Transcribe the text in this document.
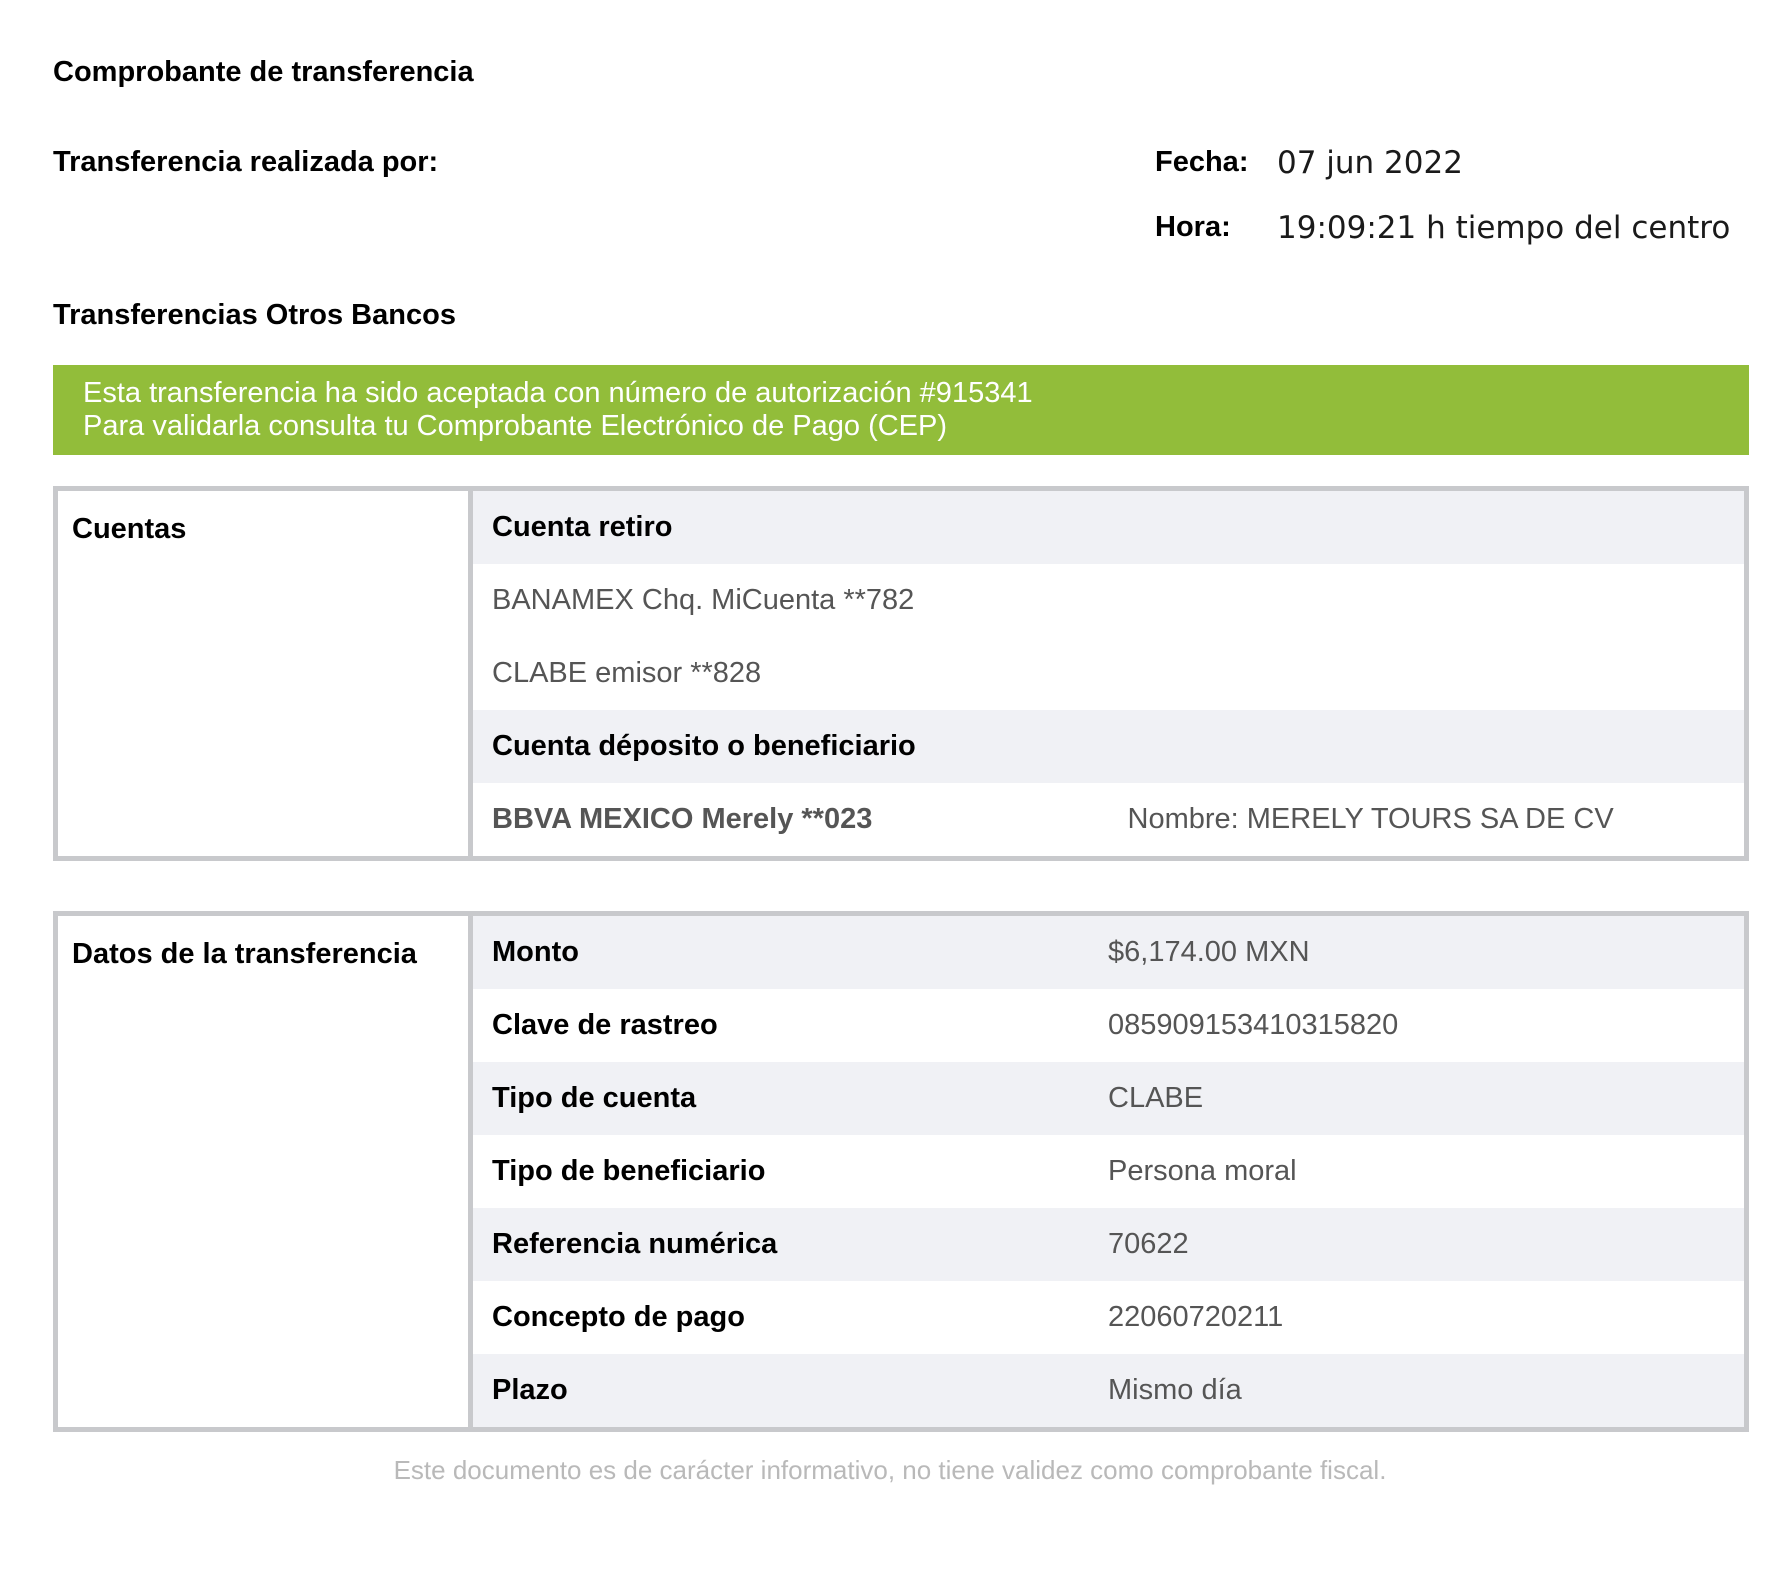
Comprobante de transferencia
Transferencia realizada por:	Fecha: 07 jun 2022
Hora: 19:09:21 h tiempo del centro
Transferencias Otros Bancos
Esta transferencia ha sido aceptada con número de autorización #915341
Para validarla consulta tu Comprobante Electrónico de Pago (CEP)
Cuentas	Cuenta retiro	
	BANAMEX Chq. MiCuenta **782	
	CLABE emisor **828	
	Cuenta déposito o beneficiario	
	BBVA MEXICO Merely **023	Nombre: MERELY TOURS SA DE CV
Datos de la transferencia	Monto	$6,174.00 MXN
	Clave de rastreo	085909153410315820
	Tipo de cuenta	CLABE
	Tipo de beneficiario	Persona moral
	Referencia numérica	70622
	Concepto de pago	22060720211
	Plazo	Mismo día
Este documento es de carácter informativo, no tiene validez como comprobante fiscal.
